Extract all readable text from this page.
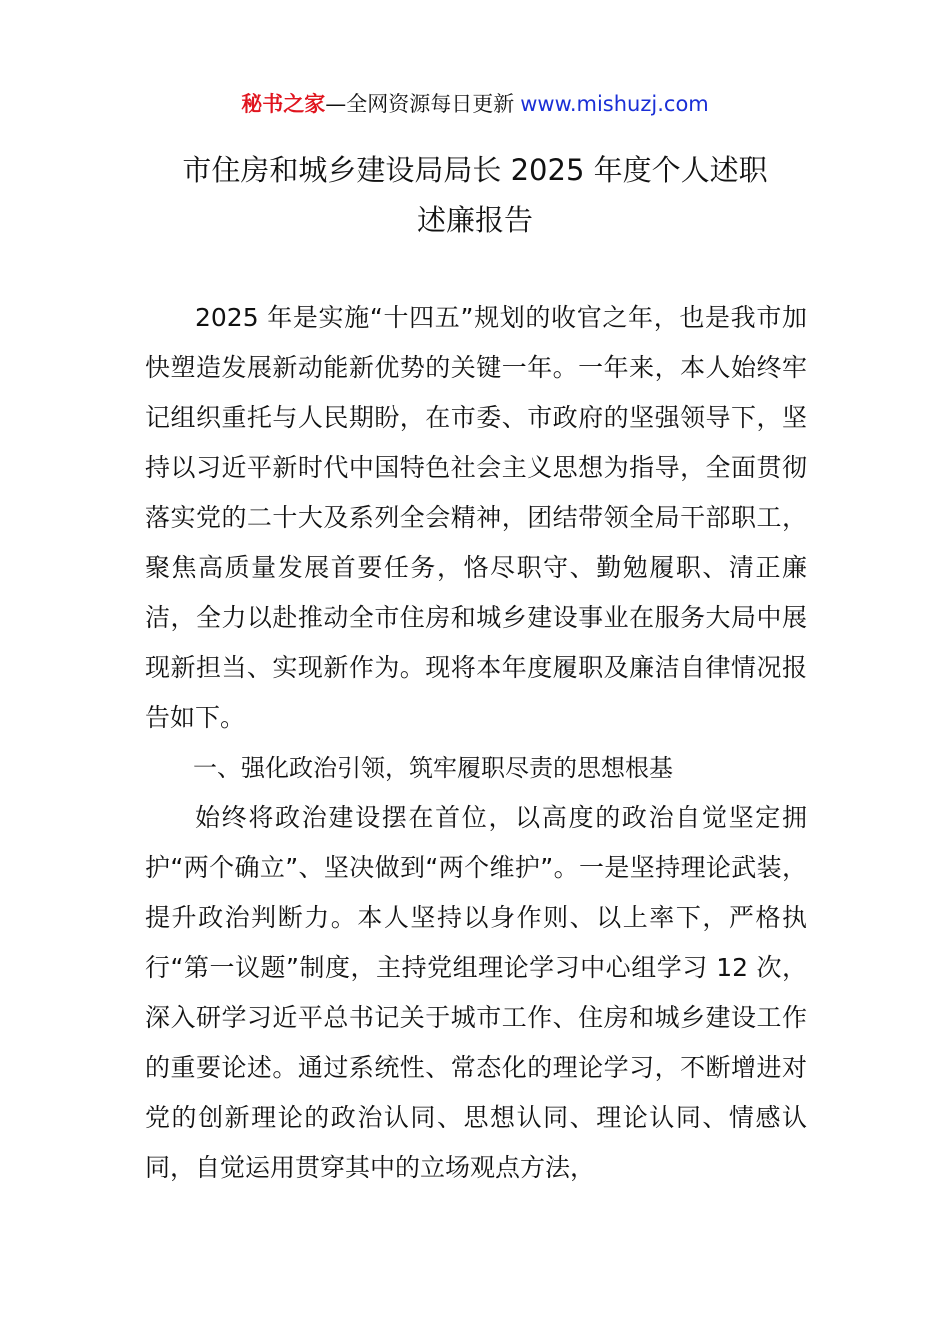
秘书之家—全网资源每日更新 www.mishuzj.com
市住房和城乡建设局局长 2025 年度个人述职
述廉报告

2025 年是实施“十四五”规划的收官之年，也是我市加快塑造发展新动能新优势的关键一年。一年来，本人始终牢记组织重托与人民期盼，在市委、市政府的坚强领导下，坚持以习近平新时代中国特色社会主义思想为指导，全面贯彻落实党的二十大及系列全会精神，团结带领全局干部职工，聚焦高质量发展首要任务，恪尽职守、勤勉履职、清正廉洁，全力以赴推动全市住房和城乡建设事业在服务大局中展现新担当、实现新作为。现将本年度履职及廉洁自律情况报告如下。

一、强化政治引领，筑牢履职尽责的思想根基

始终将政治建设摆在首位，以高度的政治自觉坚定拥护“两个确立”、坚决做到“两个维护”。一是坚持理论武装，提升政治判断力。本人坚持以身作则、以上率下，严格执行“第一议题”制度，主持党组理论学习中心组学习 12 次，深入研学习近平总书记关于城市工作、住房和城乡建设工作的重要论述。通过系统性、常态化的理论学习，不断增进对党的创新理论的政治认同、思想认同、理论认同、情感认同，自觉运用贯穿其中的立场观点方法，
